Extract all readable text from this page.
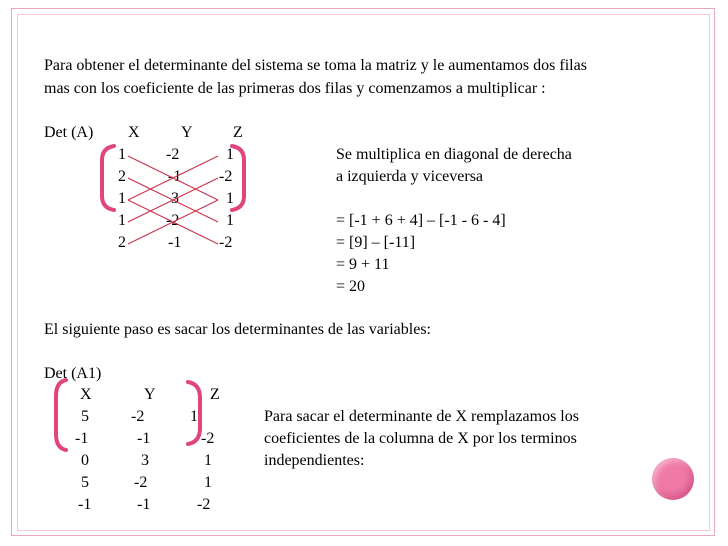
Para obtener el determinante del sistema se toma la matriz y le aumentamos dos filas
mas con los coeficiente de las primeras dos filas y comenzamos a multiplicar :
Det (A) X	Y	Z
1	-2	1
2	-1 -2
1	3	1
1	-2	1
2	-1 -2
Se multiplica en diagonal de derecha
a izquierda y viceversa
= [-1 + 6 + 4] – [-1 - 6 - 4]
= [9] – [-11]
= 9 + 11
= 20
El siguiente paso es sacar los determinantes de las variables:
Det (A1)
X	Y	Z
5	-2	1
-1	-1	-2
0	3	1
5	-2	1
-1	-1	-2
Para sacar el determinante de X remplazamos los
coeficientes de la columna de X por los terminos
independientes:
